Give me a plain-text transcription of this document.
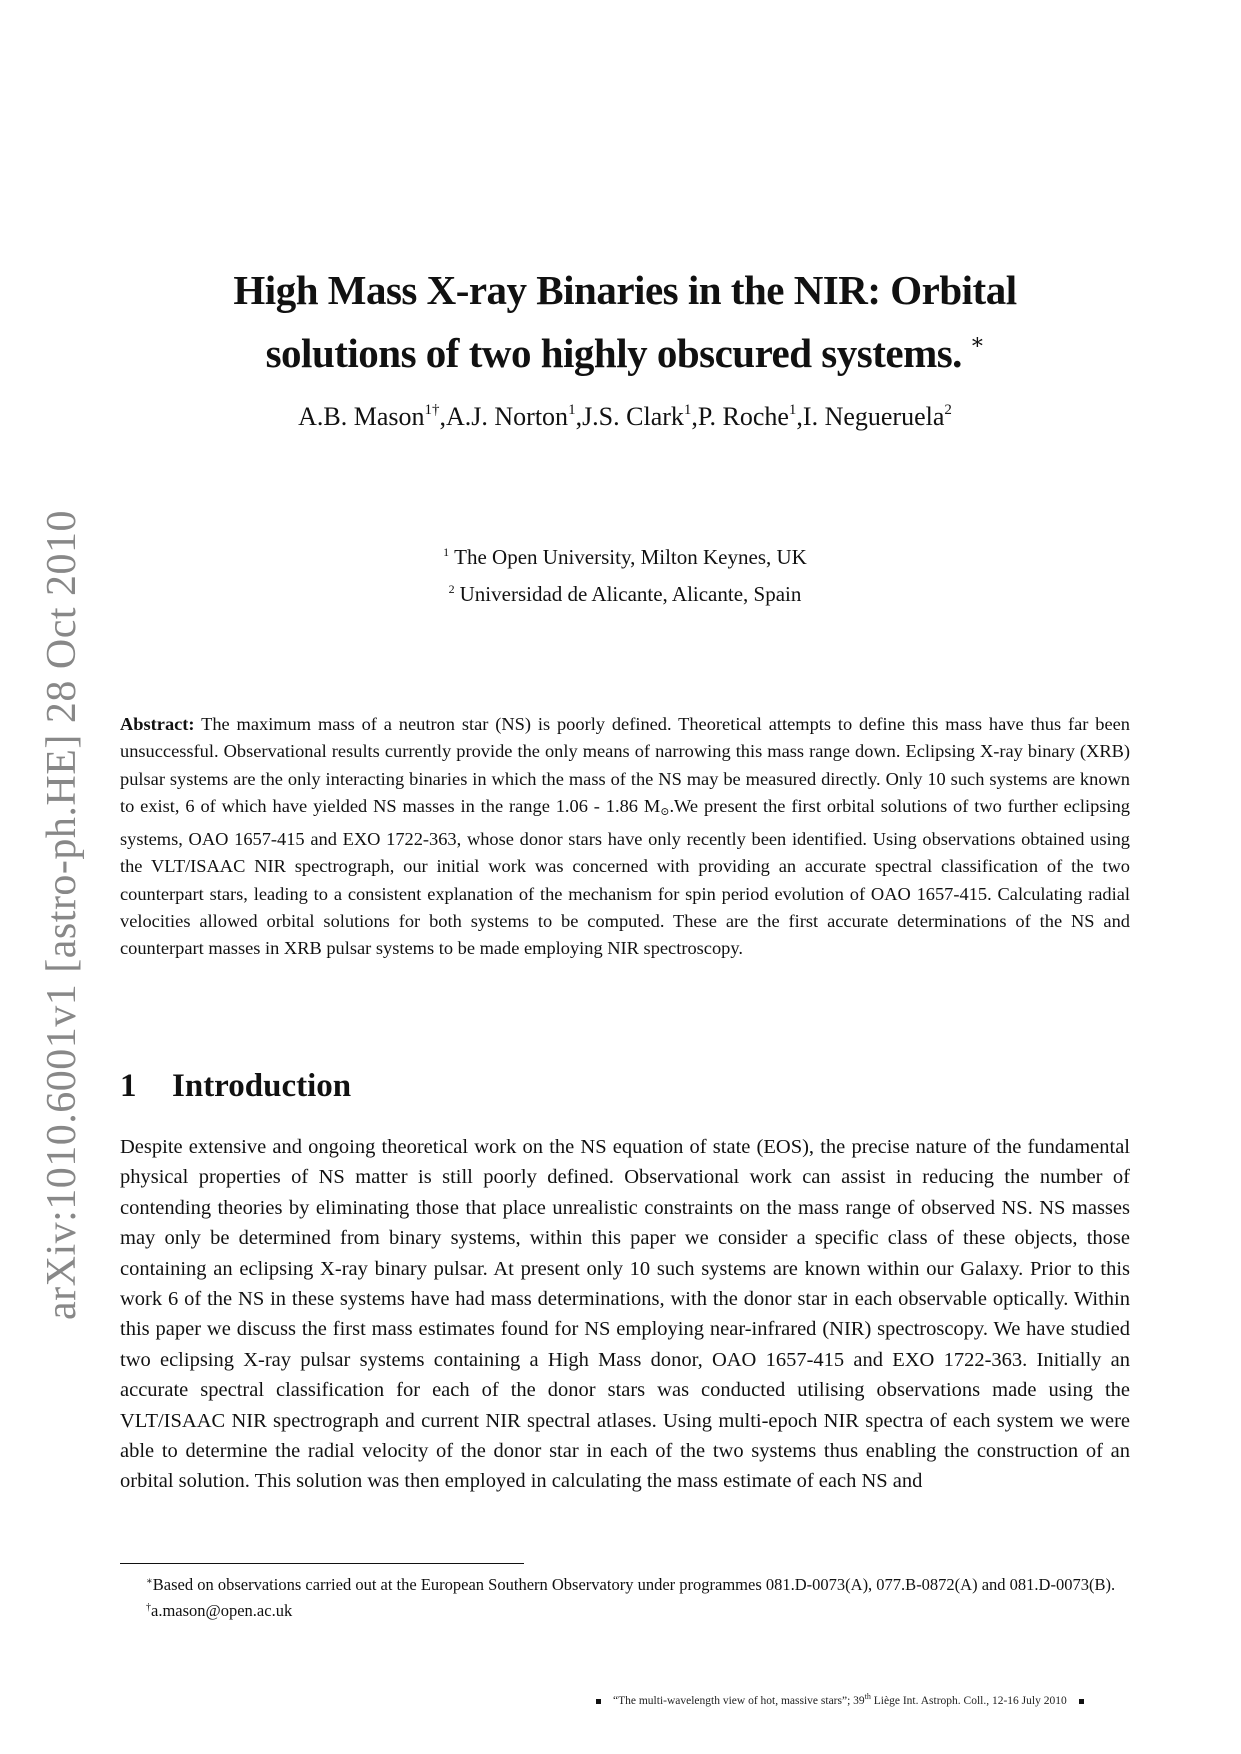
arXiv:1010.6001v1 [astro-ph.HE] 28 Oct 2010
High Mass X-ray Binaries in the NIR: Orbital
solutions of two highly obscured systems. ∗
A.B. Mason$^{1\dagger}$,A.J. Norton$^1$,J.S. Clark$^1$,P. Roche$^1$,I. Negueruela$^2$
$^1$ The Open University, Milton Keynes, UK
$^2$ Universidad de Alicante, Alicante, Spain
Abstract: The maximum mass of a neutron star (NS) is poorly defined. Theoretical attempts to define this mass have thus far been unsuccessful. Observational results currently provide the only means of narrowing this mass range down. Eclipsing X-ray binary (XRB) pulsar systems are the only interacting binaries in which the mass of the NS may be measured directly. Only 10 such systems are known to exist, 6 of which have yielded NS masses in the range 1.06 - 1.86 M⊙.We present the first orbital solutions of two further eclipsing systems, OAO 1657-415 and EXO 1722-363, whose donor stars have only recently been identified. Using observations obtained using the VLT/ISAAC NIR spectrograph, our initial work was concerned with providing an accurate spectral classification of the two counterpart stars, leading to a consistent explanation of the mechanism for spin period evolution of OAO 1657-415. Calculating radial velocities allowed orbital solutions for both systems to be computed. These are the first accurate determinations of the NS and counterpart masses in XRB pulsar systems to be made employing NIR spectroscopy.
1 Introduction
Despite extensive and ongoing theoretical work on the NS equation of state (EOS), the precise nature of the fundamental physical properties of NS matter is still poorly defined. Observational work can assist in reducing the number of contending theories by eliminating those that place unrealistic constraints on the mass range of observed NS. NS masses may only be determined from binary systems, within this paper we consider a specific class of these objects, those containing an eclipsing X-ray binary pulsar. At present only 10 such systems are known within our Galaxy. Prior to this work 6 of the NS in these systems have had mass determinations, with the donor star in each observable optically. Within this paper we discuss the first mass estimates found for NS employing near-infrared (NIR) spectroscopy. We have studied two eclipsing X-ray pulsar systems containing a High Mass donor, OAO 1657-415 and EXO 1722-363. Initially an accurate spectral classification for each of the donor stars was conducted utilising observations made using the VLT/ISAAC NIR spectrograph and current NIR spectral atlases. Using multi-epoch NIR spectra of each system we were able to determine the radial velocity of the donor star in each of the two systems thus enabling the construction of an orbital solution. This solution was then employed in calculating the mass estimate of each NS and

∗Based on observations carried out at the European Southern Observatory under programmes 081.D-0073(A), 077.B-0872(A) and 081.D-0073(B).

†a.mason@open.ac.uk

“The multi-wavelength view of hot, massive stars”; 39th Liège Int. Astroph. Coll., 12-16 July 2010
